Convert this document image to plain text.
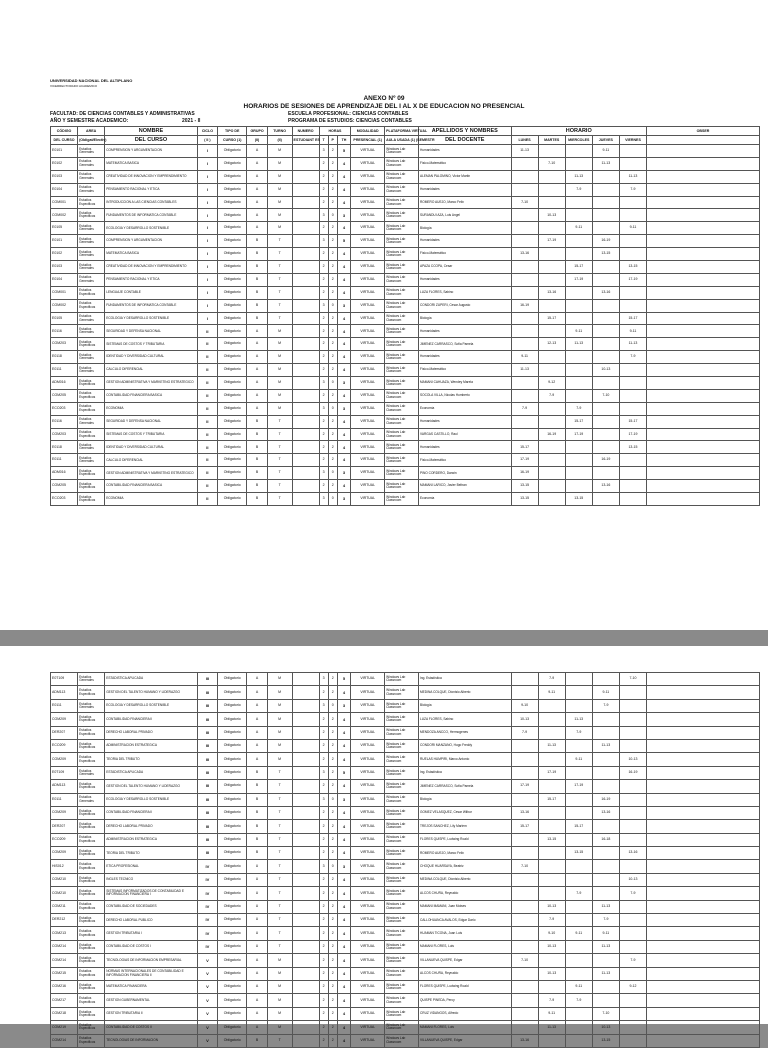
UNIVERSIDAD NACIONAL DEL ALTIPLANO
VICERRECTORADO ACADEMICO
ANEXO Nº 09
HORARIOS DE SESIONES DE APRENDIZAJE DEL I AL X DE EDUCACION NO PRESENCIAL
FACULTAD: DE CIENCIAS CONTABLES Y ADMINISTRATIVAS	ESCUELA PROFESIONAL: CIENCIAS CONTABLES
AÑO Y SEMESTRE ACADEMICO:	2021 - II	PROGRAMA DE ESTUDIOS: CIENCIAS CONTABLES
CÓDIGO	AREA	NOMBRE	CICLO	TIPO DE	GRUPO	TURNO	NUMERO	HORAS			MODALIDAD	PLATAFORMA VIRTUAL	APELLIDOS Y NOMBRES	HORARIO					OBSER
DEL CURSO	(Obligat/Electiv)	DEL CURSO	( II )	CURSO (1)	(II)	(II)	ESTUDIANT ES	T	P	TH	PRESENCIAL (1)	AULA USADA (1) (SEMESTR	DEL DOCENTE	LUNES	MARTES	MIERCOLES	JUEVES	VIERNES	
E0101	Estudios Generales	COMPRENSION Y ARGUMENTACION	I	Obligatorio	A	M		3	2	5	VIRTUAL	Windows Lab Classroom	Humanidades	11-13			9-11		
E0102	Estudios Generales	MATEMATICA BASICA	I	Obligatorio	A	M		2	2	4	VIRTUAL	Windows Lab Classroom	Físico-Matemático		7-10		11-13		
E0103	Estudios Generales	CREATIVIDAD DE INNOVACION Y EMPRENDIMIENTO	I	Obligatorio	A	M		2	2	4	VIRTUAL	Windows Lab Classroom	ALEMAN PALOMINO, Victor Martin			11-13		11-13	
E0104	Estudios Generales	PENSAMIENTO RACIONAL Y ETICA	I	Obligatorio	A	M		2	2	4	VIRTUAL	Windows Lab Classroom	Humanidades			7-9		7-9	
COM001	Estudios Especificos	INTRODUCCION A LAS CIENCIAS CONTABLES	I	Obligatorio	A	M		2	2	4	VIRTUAL	Windows Lab Classroom	ROMERO AUEJO, Marco Felix	7-10					
COM002	Estudios Especificos	FUNDAMENTOS DE INFORMATICA CONTABLE	I	Obligatorio	A	M		3	0	3	VIRTUAL	Windows Lab Classroom	SURANDUI AZA, Luis Angel		10-13				
E0105	Estudios Generales	ECOLOGIA Y DESARROLLO SOSTENIBLE	I	Obligatorio	A	M		2	2	4	VIRTUAL	Windows Lab Classroom	Biología			9-11		9-11	
E0101	Estudios Generales	COMPRENSION Y ARGUMENTACION	I	Obligatorio	B	T		3	2	5	VIRTUAL	Windows Lab Classroom	Humanidades		17-19		16-19		
E0102	Estudios Generales	MATEMATICA BASICA	I	Obligatorio	B	T		2	2	4	VIRTUAL	Windows Lab Classroom	Físico-Matemático	13-16			13-15		
E0103	Estudios Generales	CREATIVIDAD DE INNOVACION Y EMPRENDIMIENTO	I	Obligatorio	B	T		2	2	4	VIRTUAL	Windows Lab Classroom	APAZA CCOPA, Cesar			15-17		13-15	
E0104	Estudios Generales	PENSAMIENTO RACIONAL Y ETICA	I	Obligatorio	B	T		2	2	4	VIRTUAL	Windows Lab Classroom	Humanidades			17-19		17-19	
COM001	Estudios Especificos	LENGUAJE CONTABLE	I	Obligatorio	B	T		2	2	4	VIRTUAL	Windows Lab Classroom	LUZA FLORES, Sabino		13-16		13-16		
COM002	Estudios Especificos	FUNDAMENTOS DE INFORMATICA CONTABLE	I	Obligatorio	B	T		3	0	3	VIRTUAL	Windows Lab Classroom	CONDORI ZUPERI, Cesar Augusto	16-19					
E0105	Estudios Generales	ECOLOGIA Y DESARROLLO SOSTENIBLE	I	Obligatorio	B	T		2	2	4	VIRTUAL	Windows Lab Classroom	Biología		15-17			15-17	
E0116	Estudios Generales	SEGURIDAD Y DEFENSA NACIONAL	II	Obligatorio	A	M		2	2	4	VIRTUAL	Windows Lab Classroom	Humanidades			9-11		9-11	
COM203	Estudios Especificos	SISTEMAS DE COSTOS Y TRIBUTARIA	II	Obligatorio	A	M		2	2	4	VIRTUAL	Windows Lab Classroom	JIMENEZ CARRASCO, Sofia Pamela		12-13	11-13		11-13	
E0118	Estudios Generales	IDENTIDAD Y DIVERSIDAD CULTURAL	II	Obligatorio	A	M		2	2	4	VIRTUAL	Windows Lab Classroom	Humanidades	9-11				7-9	
E0111	Estudios Generales	CALCULO DIFERENCIAL	II	Obligatorio	A	M		2	2	4	VIRTUAL	Windows Lab Classroom	Físico-Matemático	11-13			10-13		
ADM016	Estudios Especificos	GESTION ADMINISTRATIVA Y MARKETING ESTRATEGICO	II	Obligatorio	A	M		3	0	3	VIRTUAL	Windows Lab Classroom	MAMANI CAHUAZA, Wendey Marela		9-12				
COM205	Estudios Especificos	CONTABILIDAD FINANCIERA BASICA	II	Obligatorio	A	M		2	2	4	VIRTUAL	Windows Lab Classroom	SOCOLA VILLA, Nicolas Humberto		7-9		7-10		
ECO203	Estudios Especificos	ECONOMIA	II	Obligatorio	A	M		3	0	3	VIRTUAL	Windows Lab Classroom	Economía	7-9		7-9			
E0116	Estudios Generales	SEGURIDAD Y DEFENSA NACIONAL	II	Obligatorio	B	T		2	2	4	VIRTUAL	Windows Lab Classroom	Humanidades			15-17		15-17	
COM203	Estudios Especificos	SISTEMAS DE COSTOS Y TRIBUTARIA	II	Obligatorio	B	T		2	2	4	VIRTUAL	Windows Lab Classroom	VARGAS CASTILLO, Raul		16-19	17-19		17-19	
E0118	Estudios Generales	IDENTIDAD Y DIVERSIDAD CULTURAL	II	Obligatorio	B	T		2	2	4	VIRTUAL	Windows Lab Classroom	Humanidades	15-17				13-15	
E0111	Estudios Generales	CALCULO DIFERENCIAL	II	Obligatorio	B	T		2	2	4	VIRTUAL	Windows Lab Classroom	Físico-Matemático	17-19			16-19		
ADM016	Estudios Especificos	GESTION ADMINISTRATIVA Y MARKETING ESTRATEGICO	II	Obligatorio	B	T		3	0	3	VIRTUAL	Windows Lab Classroom	PINO CORDERO, Darwin	16-19					
COM205	Estudios Especificos	CONTABILIDAD FINANCIERA BASICA	II	Obligatorio	B	T		2	2	4	VIRTUAL	Windows Lab Classroom	MAMANI LARICO, Javier Beltran	13-15			13-16		
ECO203	Estudios Especificos	ECONOMIA	II	Obligatorio	B	T		3	0	3	VIRTUAL	Windows Lab Classroom	Economía	13-15		13-15			
E0T109	Estudios Generales	ESTADISTICA APLICADA	III	Obligatorio	A	M		3	2	5	VIRTUAL	Windows Lab Classroom	Ing. Estadística		7-9			7-10	
ADM113	Estudios Especificos	GESTION DEL TALENTO HUMANO Y LIDERAZGO	III	Obligatorio	A	M		2	2	4	VIRTUAL	Windows Lab Classroom	MEDINA COLQUE, Dionisio Alberto		9-11		9-11		
E0111	Estudios Generales	ECOLOGIA Y DESARROLLO SOSTENIBLE	III	Obligatorio	A	M		3	0	3	VIRTUAL	Windows Lab Classroom	Biología	9-10			7-9		
COM209	Estudios Especificos	CONTABILIDAD FINANCIERA II	III	Obligatorio	A	M		2	2	4	VIRTUAL	Windows Lab Classroom	LUZA FLORES, Sabino	10-13		11-13			
DER207	Estudios Especificos	DERECHO LABORAL PRIVADO	III	Obligatorio	A	M		2	2	4	VIRTUAL	Windows Lab Classroom	MENDOZA ANCCO, Hermogenes	7-9		7-9			
ECO209	Estudios Especificos	ADMINISTRACION ESTRATEGICA	III	Obligatorio	A	M		2	2	4	VIRTUAL	Windows Lab Classroom	CONDORI MANZANO, Hugo Freddy		11-13		11-13		
COM209	Estudios Especificos	TEORIA DEL TRIBUTO	III	Obligatorio	A	M		2	2	4	VIRTUAL	Windows Lab Classroom	RUELAS HUMPIRI, Marco Antonio			9-11		10-13	
E0T109	Estudios Generales	ESTADISTICA APLICADA	III	Obligatorio	B	T		3	2	5	VIRTUAL	Windows Lab Classroom	Ing. Estadística		17-19			16-19	
ADM113	Estudios Especificos	GESTION DEL TALENTO HUMANO Y LIDERAZGO	III	Obligatorio	B	T		2	2	4	VIRTUAL	Windows Lab Classroom	JIMENEZ CARRASCO, Sofia Pamela	17-19		17-19			
E0111	Estudios Generales	ECOLOGIA Y DESARROLLO SOSTENIBLE	III	Obligatorio	B	T		3	0	3	VIRTUAL	Windows Lab Classroom	Biología		15-17		16-19		
COM209	Estudios Especificos	CONTABILIDAD FINANCIERA II	III	Obligatorio	B	T		2	2	4	VIRTUAL	Windows Lab Classroom	GOMEZ VELASQUEZ, Cesar Wilbur	13-16			13-16		
DER207	Estudios Especificos	DERECHO LABORAL PRIVADO	III	Obligatorio	B	T		2	2	4	VIRTUAL	Windows Lab Classroom	TREJOS SANCHEZ, Lily Marlem	15-17		15-17			
ECO209	Estudios Especificos	ADMINISTRACION ESTRATEGICA	III	Obligatorio	B	T		2	2	4	VIRTUAL	Windows Lab Classroom	FLORES QUISPE, Ludwing Roald		13-15		16-18		
COM209	Estudios Especificos	TEORIA DEL TRIBUTO	III	Obligatorio	B	T		2	2	4	VIRTUAL	Windows Lab Classroom	ROMERO AUEJO, Marco Felix			13-15		13-16	
HIS012	Estudios Especificos	ETICA PROFESIONAL	IV	Obligatorio	U	T		3	0	3	VIRTUAL	Windows Lab Classroom	CHOQUE HUARSAYA, Beatriz	7-10					
COM210	Estudios Especificos	INGLES TECNICO	IV	Obligatorio	U	T		2	2	4	VIRTUAL	Windows Lab Classroom	MEDINA COLQUE, Dionisio Alberto					10-13	
COM210	Estudios Especificos	SISTEMAS INFORMATIZADOS DE CONTABILIDAD E INFORMACION FINANCIERA I	IV	Obligatorio	U	T		2	2	4	VIRTUAL	Windows Lab Classroom	ALCOS CHURA, Reynaldo			7-9		7-9	
COM211	Estudios Especificos	CONTABILIDAD DE SOCIEDADES	IV	Obligatorio	U	T		2	2	4	VIRTUAL	Windows Lab Classroom	MAMANI MAMANI, Juan Moises		10-13		11-13		
DER212	Estudios Especificos	DERECHO LABORAL PUBLICO	IV	Obligatorio	U	T		2	2	4	VIRTUAL	Windows Lab Classroom	CALLOHUANCA AVALOS, Edgar Dario		7-9		7-9		
COM213	Estudios Especificos	GESTION TRIBUTARIA I	IV	Obligatorio	U	T		2	2	4	VIRTUAL	Windows Lab Classroom	HUAMAN TICONA, Juan Luis		9-10	9-11	9-11		
COM214	Estudios Especificos	CONTABILIDAD DE COSTOS I	IV	Obligatorio	U	T		2	2	4	VIRTUAL	Windows Lab Classroom	MAMANI FLORES, Luis		10-13		11-13		
COM214	Estudios Especificos	TECNOLOGIAS DE INFORMACION EMPRESARIAL	V	Obligatorio	A	M		2	2	4	VIRTUAL	Windows Lab Classroom	VILLANUEVA QUISPE, Edgar	7-10				7-9	
COM215	Estudios Especificos	NORMAS INTERNACIONALES DE CONTABILIDAD E INFORMACION FINANCIERA II	V	Obligatorio	A	M		2	2	4	VIRTUAL	Windows Lab Classroom	ALCOS CHURA, Reynaldo		10-13		11-13		
COM216	Estudios Especificos	MATEMATICA FINANCIERA	V	Obligatorio	A	M		2	2	4	VIRTUAL	Windows Lab Classroom	FLORES QUISPE, Ludwing Roald			9-11		9-12	
COM217	Estudios Especificos	GESTION GUBERNAMENTAL	V	Obligatorio	A	M		2	2	4	VIRTUAL	Windows Lab Classroom	QUISPE PINEDA, Percy		7-9	7-9			
COM218	Estudios Especificos	GESTION TRIBUTARIA II	V	Obligatorio	A	M		2	2	4	VIRTUAL	Windows Lab Classroom	CRUZ VIDANGOS, Alfredo		9-11		7-10		
COM219	Estudios Especificos	CONTABILIDAD DE COSTOS II	V	Obligatorio	A	M		2	2	4	VIRTUAL	Windows Lab Classroom	MAMANI FLORES, Luis		11-13		10-13		
COM214	Estudios Especificos	TECNOLOGIAS DE INFORMACION	V	Obligatorio	B	T		2	2	4	VIRTUAL	Windows Lab Classroom	VILLANUEVA QUISPE, Edgar	13-16			13-15		
